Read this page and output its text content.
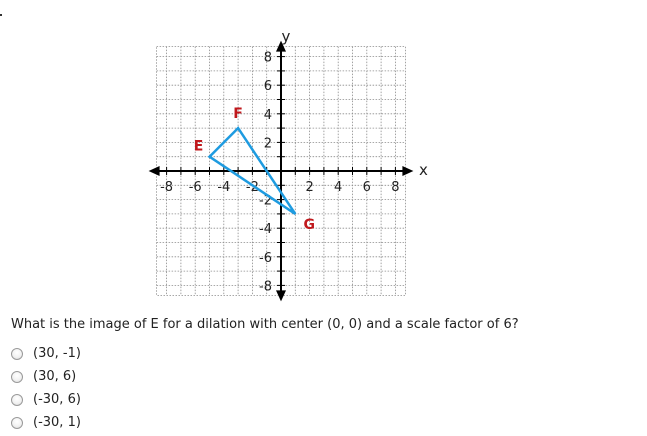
-8 -6 -4 -2	2 4 6 8
8
6
4
2
-2
-4
-6
-8
x
y
E
F
G
What is the image of E for a dilation with center (0, 0) and a scale factor of 6?
(30, -1)
(30, 6)
(-30, 6)
(-30, 1)
